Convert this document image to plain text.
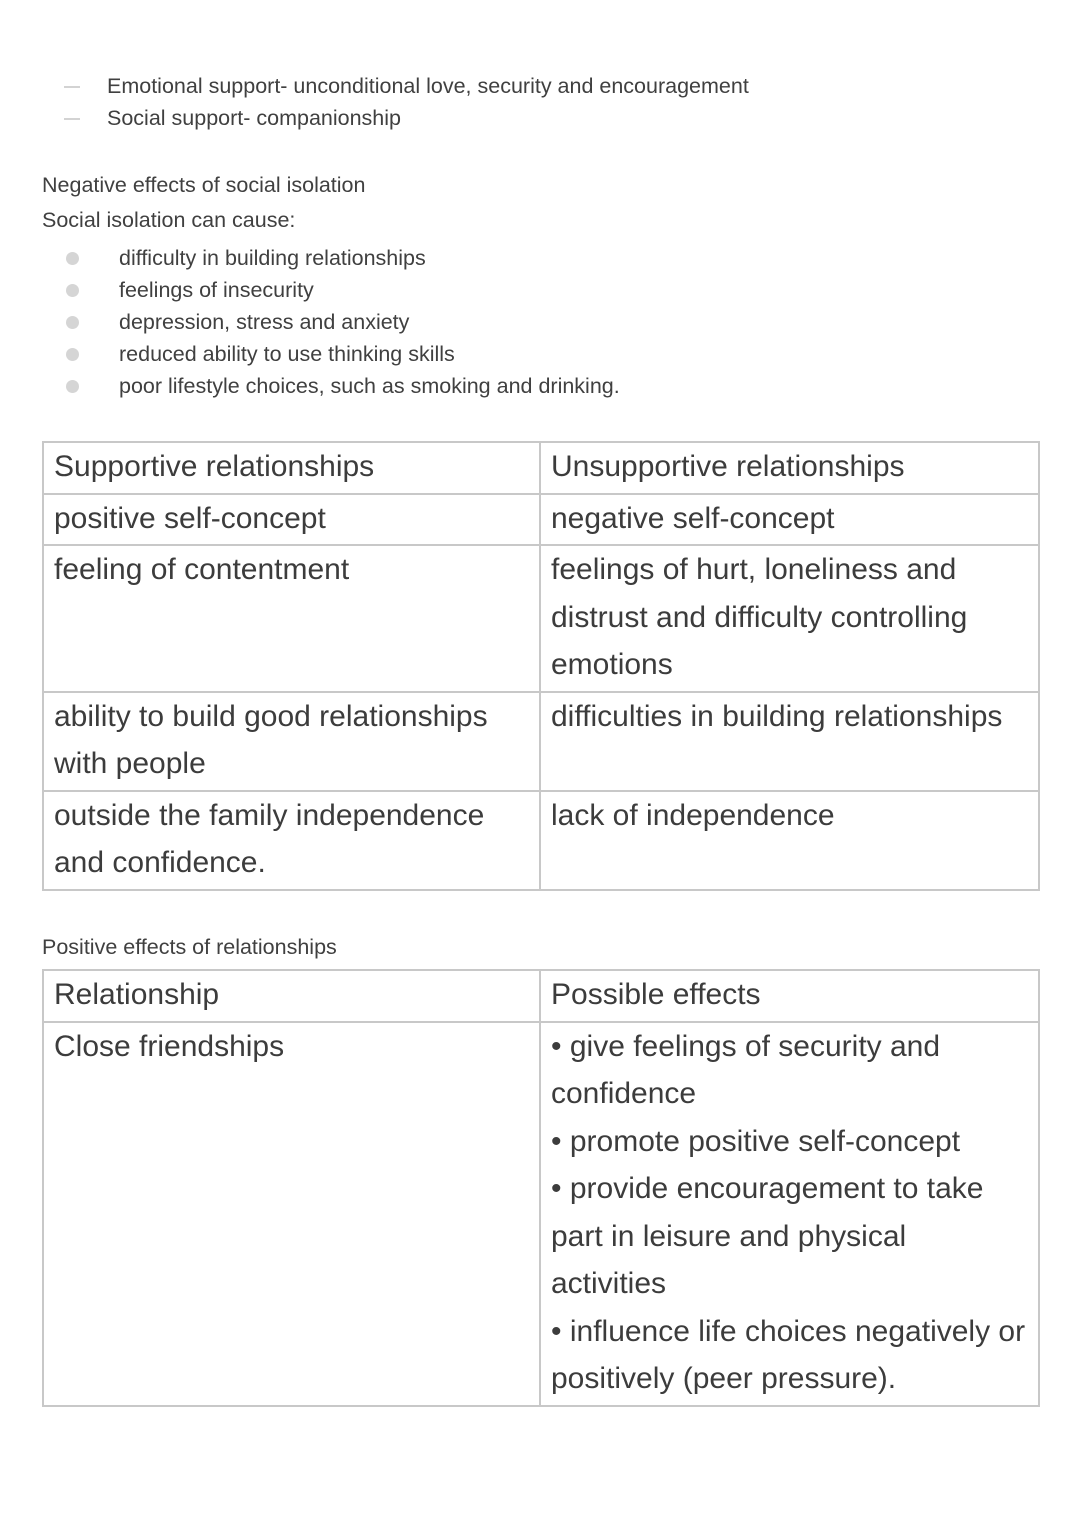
Emotional support- unconditional love, security and encouragement
Social support- companionship
Negative effects of social isolation
Social isolation can cause:
difficulty in building relationships
feelings of insecurity
depression, stress and anxiety
reduced ability to use thinking skills
poor lifestyle choices, such as smoking and drinking.
Supportive relationships	Unsupportive relationships
positive self-concept	negative self-concept
feeling of contentment	feelings of hurt, loneliness and distrust and difficulty controlling emotions
ability to build good relationships with people	difficulties in building relationships
outside the family independence and confidence.	lack of independence
Positive effects of relationships
Relationship	Possible effects
Close friendships	• give feelings of security and confidence
• promote positive self-concept
• provide encouragement to take part in leisure and physical activities
• influence life choices negatively or positively (peer pressure).
